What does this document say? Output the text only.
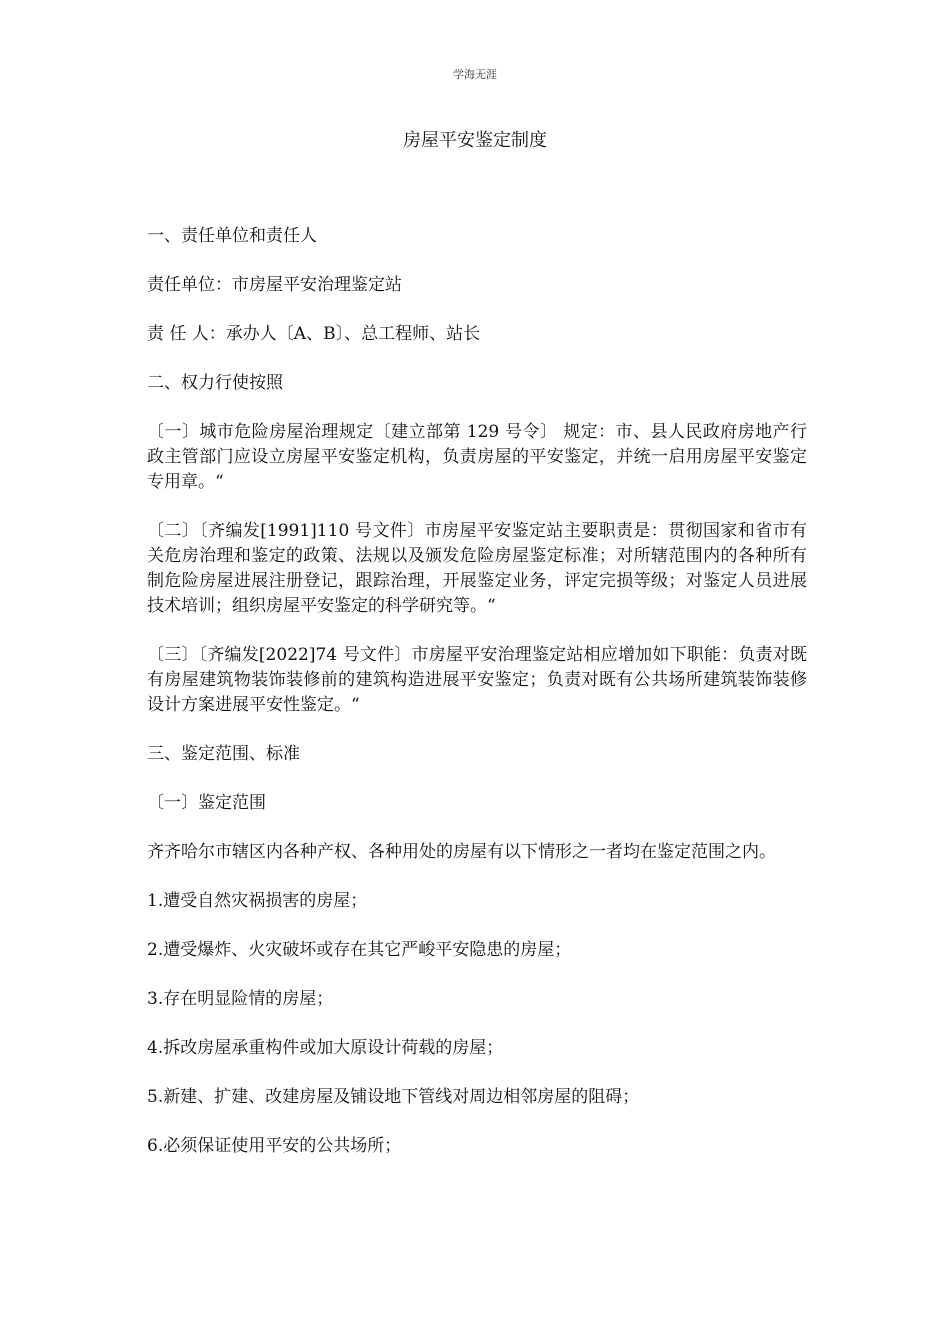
学海无涯
房屋平安鉴定制度

一、责任单位和责任人

责任单位：市房屋平安治理鉴定站

责 任 人：承办人〔A、B〕、总工程师、站长

二、权力行使按照

〔一〕城市危险房屋治理规定〔建立部第 129 号令〕 规定：市、县人民政府房地产行政主管部门应设立房屋平安鉴定机构，负责房屋的平安鉴定，并统一启用房屋平安鉴定专用章。“

〔二〕〔齐编发[1991]110 号文件〕市房屋平安鉴定站主要职责是：贯彻国家和省市有关危房治理和鉴定的政策、法规以及颁发危险房屋鉴定标准；对所辖范围内的各种所有制危险房屋进展注册登记，跟踪治理，开展鉴定业务，评定完损等级；对鉴定人员进展技术培训；组织房屋平安鉴定的科学研究等。“

〔三〕〔齐编发[2022]74 号文件〕市房屋平安治理鉴定站相应增加如下职能：负责对既有房屋建筑物装饰装修前的建筑构造进展平安鉴定；负责对既有公共场所建筑装饰装修设计方案进展平安性鉴定。“

三、鉴定范围、标准

〔一〕鉴定范围

齐齐哈尔市辖区内各种产权、各种用处的房屋有以下情形之一者均在鉴定范围之内。

1.遭受自然灾祸损害的房屋；

2.遭受爆炸、火灾破坏或存在其它严峻平安隐患的房屋；

3.存在明显险情的房屋；

4.拆改房屋承重构件或加大原设计荷载的房屋；

5.新建、扩建、改建房屋及铺设地下管线对周边相邻房屋的阻碍；

6.必须保证使用平安的公共场所；
